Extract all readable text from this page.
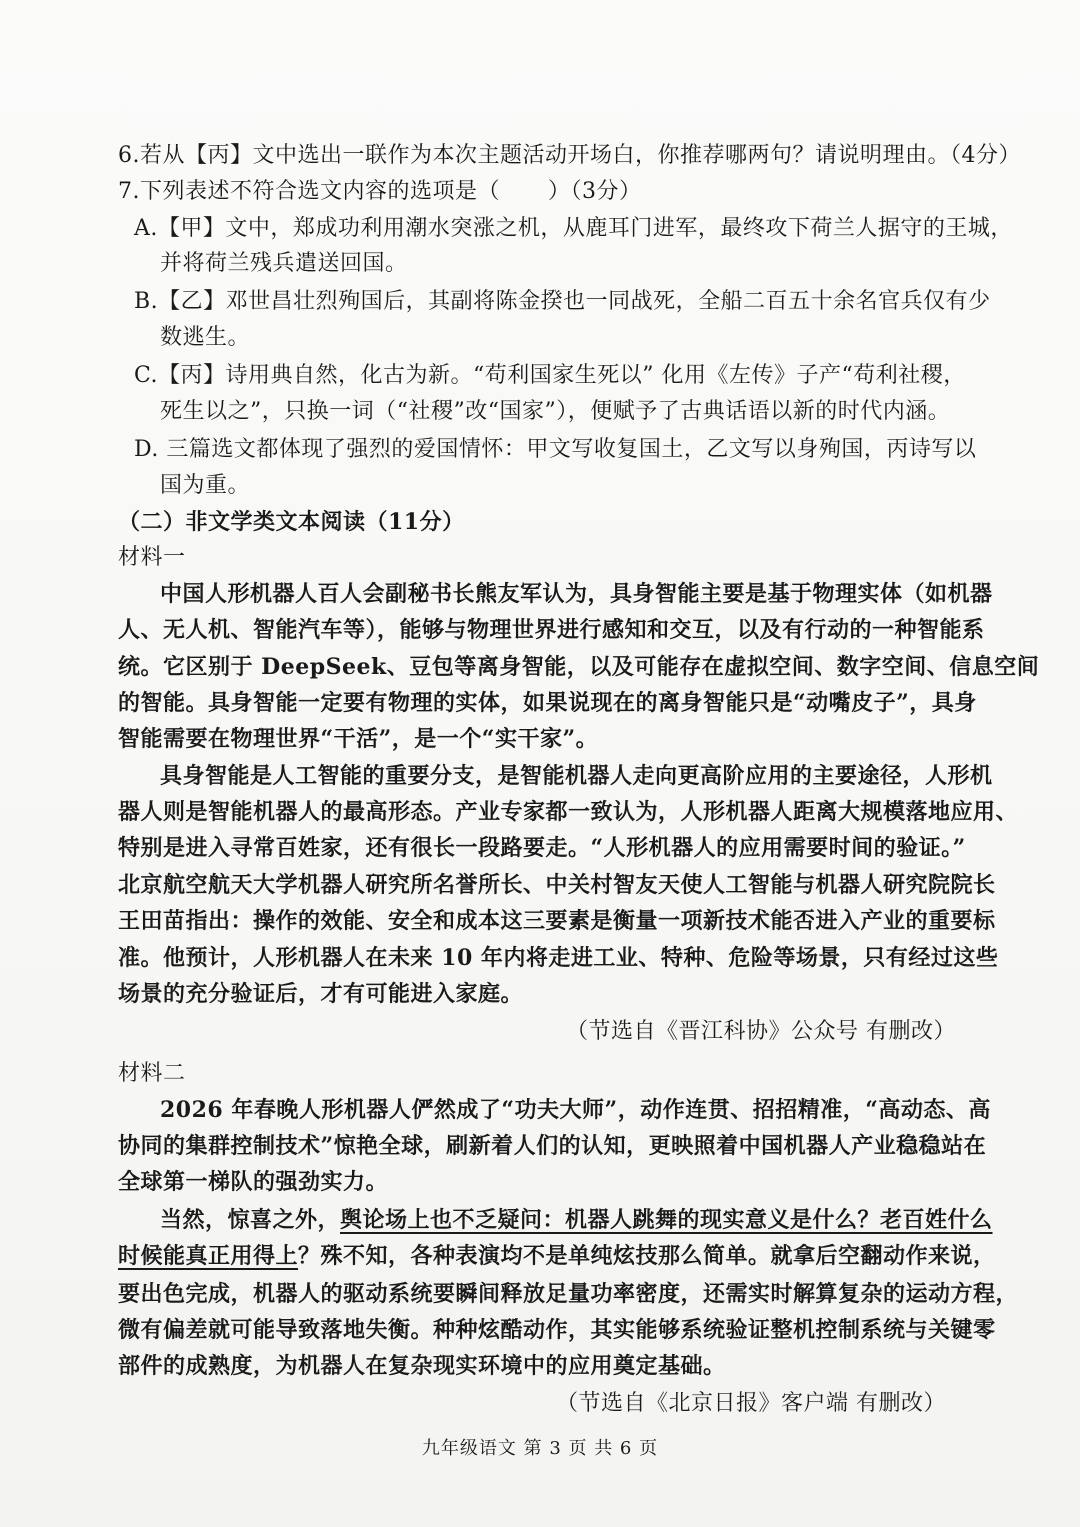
6.若从【丙】文中选出一联作为本次主题活动开场白，你推荐哪两句？请说明理由。（4分）
7.下列表述不符合选文内容的选项是（ ）（3分）
A.【甲】文中，郑成功利用潮水突涨之机，从鹿耳门进军，最终攻下荷兰人据守的王城，
并将荷兰残兵遣送回国。
B.【乙】邓世昌壮烈殉国后，其副将陈金揆也一同战死，全船二百五十余名官兵仅有少
数逃生。
C.【丙】诗用典自然，化古为新。“苟利国家生死以” 化用《左传》子产“苟利社稷，
死生以之”，只换一词（“社稷”改“国家”），便赋予了古典话语以新的时代内涵。
D. 三篇选文都体现了强烈的爱国情怀：甲文写收复国土，乙文写以身殉国，丙诗写以
国为重。
（二）非文学类文本阅读（11分）
材料一
中国人形机器人百人会副秘书长熊友军认为，具身智能主要是基于物理实体（如机器
人、无人机、智能汽车等），能够与物理世界进行感知和交互，以及有行动的一种智能系
统。它区别于 DeepSeek、豆包等离身智能，以及可能存在虚拟空间、数字空间、信息空间
的智能。具身智能一定要有物理的实体，如果说现在的离身智能只是“动嘴皮子”，具身
智能需要在物理世界“干活”，是一个“实干家”。
具身智能是人工智能的重要分支，是智能机器人走向更高阶应用的主要途径，人形机
器人则是智能机器人的最高形态。产业专家都一致认为，人形机器人距离大规模落地应用、
特别是进入寻常百姓家，还有很长一段路要走。“人形机器人的应用需要时间的验证。”
北京航空航天大学机器人研究所名誉所长、中关村智友天使人工智能与机器人研究院院长
王田苗指出：操作的效能、安全和成本这三要素是衡量一项新技术能否进入产业的重要标
准。他预计，人形机器人在未来 10 年内将走进工业、特种、危险等场景，只有经过这些
场景的充分验证后，才有可能进入家庭。
（节选自《晋江科协》公众号 有删改）
材料二
2026 年春晚人形机器人俨然成了“功夫大师”，动作连贯、招招精准，“高动态、高
协同的集群控制技术”惊艳全球，刷新着人们的认知，更映照着中国机器人产业稳稳站在
全球第一梯队的强劲实力。
当然，惊喜之外，舆论场上也不乏疑问：机器人跳舞的现实意义是什么？老百姓什么
时候能真正用得上？殊不知，各种表演均不是单纯炫技那么简单。就拿后空翻动作来说，
要出色完成，机器人的驱动系统要瞬间释放足量功率密度，还需实时解算复杂的运动方程，
微有偏差就可能导致落地失衡。种种炫酷动作，其实能够系统验证整机控制系统与关键零
部件的成熟度，为机器人在复杂现实环境中的应用奠定基础。
（节选自《北京日报》客户端 有删改）
九年级语文 第 3 页 共 6 页
